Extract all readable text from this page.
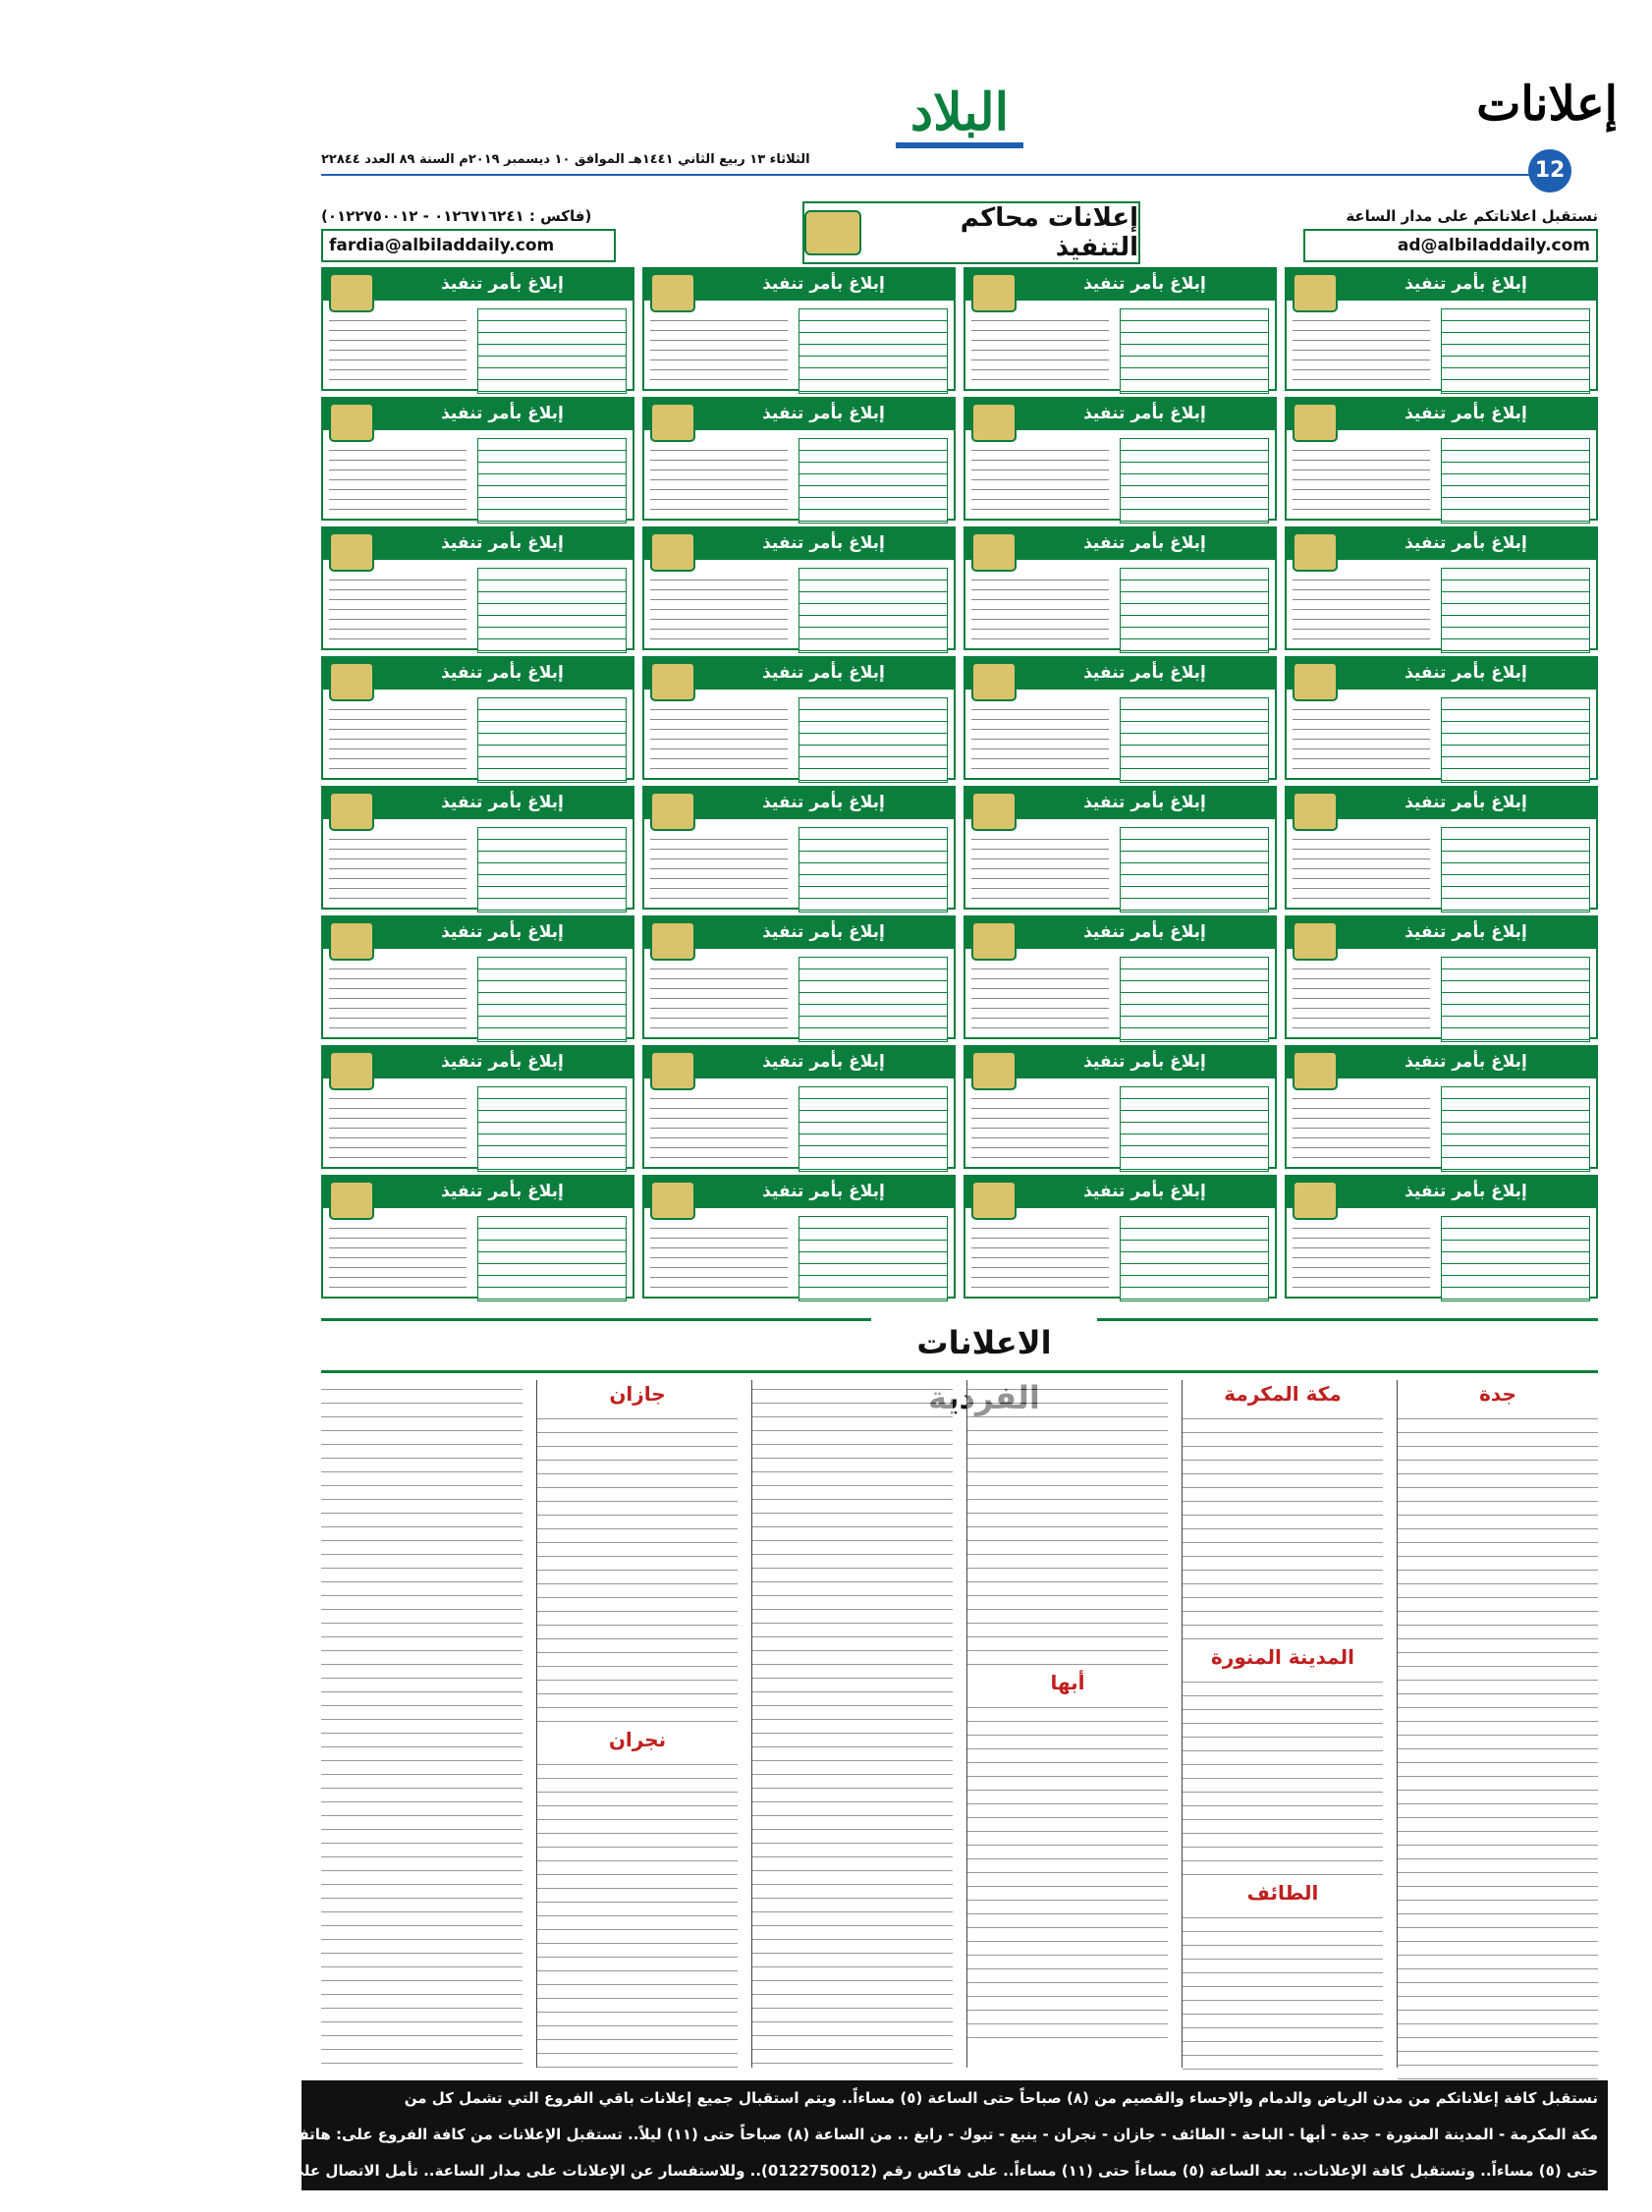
إعلانات
12
البلاد
الثلاثاء ١٣ ربيع الثاني ١٤٤١هـ الموافق ١٠ ديسمبر ٢٠١٩م السنة ٨٩ العدد ٢٢٨٤٤
نستقبل اعلاناتكم على مدار الساعة
ad@albiladdaily.com
إعلانات محاكم التنفيذ
(فاكس : ٠١٢٦٧١٦٢٤١ - ٠١٢٢٧٥٠٠١٢)
fardia@albiladdaily.com
إبلاغ بأمر تنفيذ
إبلاغ بأمر تنفيذ
إبلاغ بأمر تنفيذ
إبلاغ بأمر تنفيذ
إبلاغ بأمر تنفيذ
إبلاغ بأمر تنفيذ
إبلاغ بأمر تنفيذ
إبلاغ بأمر تنفيذ
إبلاغ بأمر تنفيذ
إبلاغ بأمر تنفيذ
إبلاغ بأمر تنفيذ
إبلاغ بأمر تنفيذ
إبلاغ بأمر تنفيذ
إبلاغ بأمر تنفيذ
إبلاغ بأمر تنفيذ
إبلاغ بأمر تنفيذ
إبلاغ بأمر تنفيذ
إبلاغ بأمر تنفيذ
إبلاغ بأمر تنفيذ
إبلاغ بأمر تنفيذ
إبلاغ بأمر تنفيذ
إبلاغ بأمر تنفيذ
إبلاغ بأمر تنفيذ
إبلاغ بأمر تنفيذ
إبلاغ بأمر تنفيذ
إبلاغ بأمر تنفيذ
إبلاغ بأمر تنفيذ
إبلاغ بأمر تنفيذ
إبلاغ بأمر تنفيذ
إبلاغ بأمر تنفيذ
إبلاغ بأمر تنفيذ
إبلاغ بأمر تنفيذ
الاعلانات
جدة
مكة المكرمة
المدينة المنورة
الطائف
أبها
جازان
نجران
نستقبل كافة إعلاناتكم من مدن الرياض والدمام والإحساء والقصيم من (٨) صباحاً حتى الساعة (٥) مساءاً.. ويتم استقبال جميع إعلانات باقي الفروع التي تشمل كل من
مكة المكرمة - المدينة المنورة - جدة - أبها - الباحة - الطائف - جازان - نجران - ينبع - تبوك - رابغ .. من الساعة (٨) صباحاً حتى (١١) ليلاً.. تستقبل الإعلانات من كافة الفروع على: هاتف (0126711000) فاكس (0126716241)
حتى (٥) مساءاً.. وتستقبل كافة الإعلانات.. بعد الساعة (٥) مساءاً حتى (١١) مساءاً.. على فاكس رقم (0122750012).. وللاستفسار عن الإعلانات على مدار الساعة.. تأمل الاتصال على جوال (0567878781)
